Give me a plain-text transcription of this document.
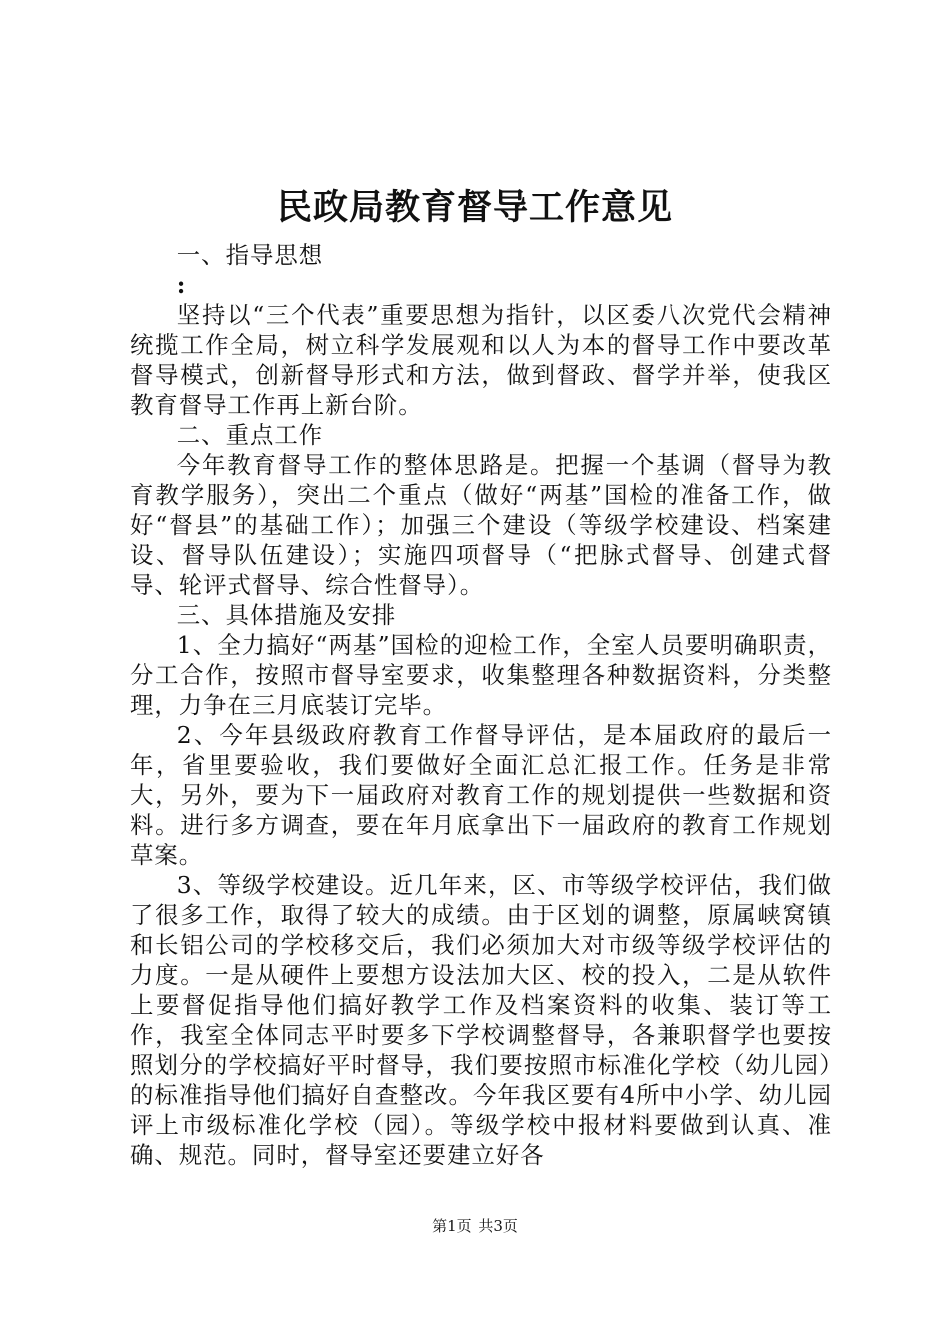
民政局教育督导工作意见

一、指导思想

:

坚持以“三个代表”重要思想为指针，以区委八次党代会精神统揽工作全局，树立科学发展观和以人为本的督导工作中要改革督导模式，创新督导形式和方法，做到督政、督学并举，使我区教育督导工作再上新台阶。

二、重点工作

今年教育督导工作的整体思路是。把握一个基调（督导为教育教学服务），突出二个重点（做好“两基”国检的准备工作，做好“督县”的基础工作）；加强三个建设（等级学校建设、档案建设、督导队伍建设）；实施四项督导（“把脉式督导、创建式督导、轮评式督导、综合性督导）。

三、具体措施及安排

1、全力搞好“两基”国检的迎检工作，全室人员要明确职责，分工合作，按照市督导室要求，收集整理各种数据资料，分类整理，力争在三月底装订完毕。

2、今年县级政府教育工作督导评估，是本届政府的最后一年，省里要验收，我们要做好全面汇总汇报工作。任务是非常大，另外，要为下一届政府对教育工作的规划提供一些数据和资料。进行多方调查，要在年月底拿出下一届政府的教育工作规划草案。

3、等级学校建设。近几年来，区、市等级学校评估，我们做了很多工作，取得了较大的成绩。由于区划的调整，原属峡窝镇和长铝公司的学校移交后，我们必须加大对市级等级学校评估的力度。一是从硬件上要想方设法加大区、校的投入，二是从软件上要督促指导他们搞好教学工作及档案资料的收集、装订等工作，我室全体同志平时要多下学校调整督导，各兼职督学也要按照划分的学校搞好平时督导，我们要按照市标准化学校（幼儿园）的标准指导他们搞好自查整改。今年我区要有4所中小学、幼儿园评上市级标准化学校（园）。等级学校中报材料要做到认真、准确、规范。同时，督导室还要建立好各

第1页 共3页
